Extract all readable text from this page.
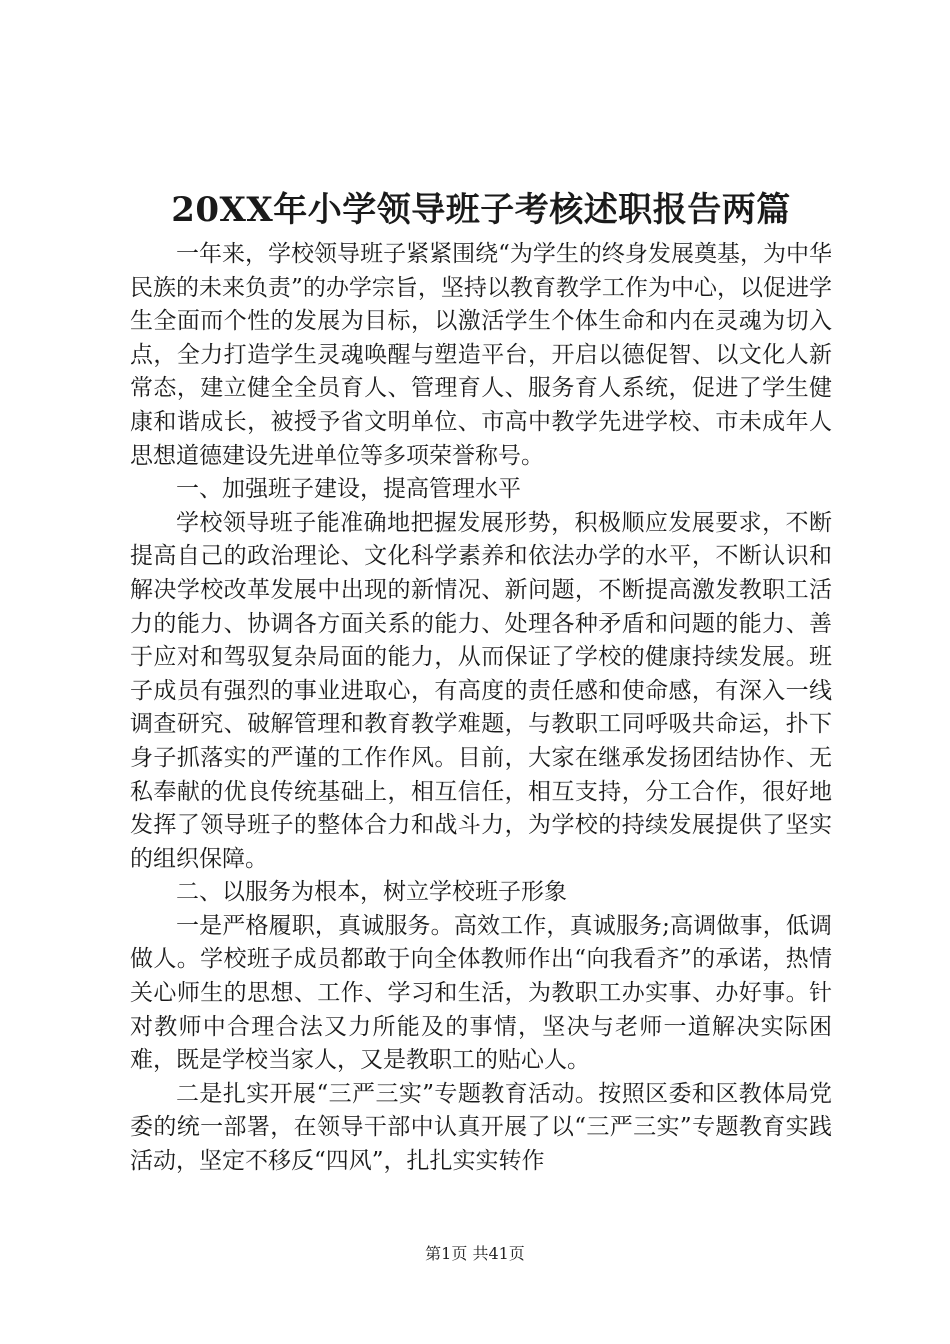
20XX年小学领导班子考核述职报告两篇

一年来，学校领导班子紧紧围绕“为学生的终身发展奠基，为中华民族的未来负责”的办学宗旨，坚持以教育教学工作为中心，以促进学生全面而个性的发展为目标，以激活学生个体生命和内在灵魂为切入点，全力打造学生灵魂唤醒与塑造平台，开启以德促智、以文化人新常态，建立健全全员育人、管理育人、服务育人系统，促进了学生健康和谐成长，被授予省文明单位、市高中教学先进学校、市未成年人思想道德建设先进单位等多项荣誉称号。

一、加强班子建设，提高管理水平

学校领导班子能准确地把握发展形势，积极顺应发展要求，不断提高自己的政治理论、文化科学素养和依法办学的水平，不断认识和解决学校改革发展中出现的新情况、新问题，不断提高激发教职工活力的能力、协调各方面关系的能力、处理各种矛盾和问题的能力、善于应对和驾驭复杂局面的能力，从而保证了学校的健康持续发展。班子成员有强烈的事业进取心，有高度的责任感和使命感，有深入一线调查研究、破解管理和教育教学难题，与教职工同呼吸共命运，扑下身子抓落实的严谨的工作作风。目前，大家在继承发扬团结协作、无私奉献的优良传统基础上，相互信任，相互支持，分工合作，很好地发挥了领导班子的整体合力和战斗力，为学校的持续发展提供了坚实的组织保障。

二、以服务为根本，树立学校班子形象

一是严格履职，真诚服务。高效工作，真诚服务;高调做事，低调做人。学校班子成员都敢于向全体教师作出“向我看齐”的承诺，热情关心师生的思想、工作、学习和生活，为教职工办实事、办好事。针对教师中合理合法又力所能及的事情，坚决与老师一道解决实际困难，既是学校当家人，又是教职工的贴心人。

二是扎实开展“三严三实”专题教育活动。按照区委和区教体局党委的统一部署，在领导干部中认真开展了以“三严三实”专题教育实践活动，坚定不移反“四风”，扎扎实实转作

第1页 共41页
